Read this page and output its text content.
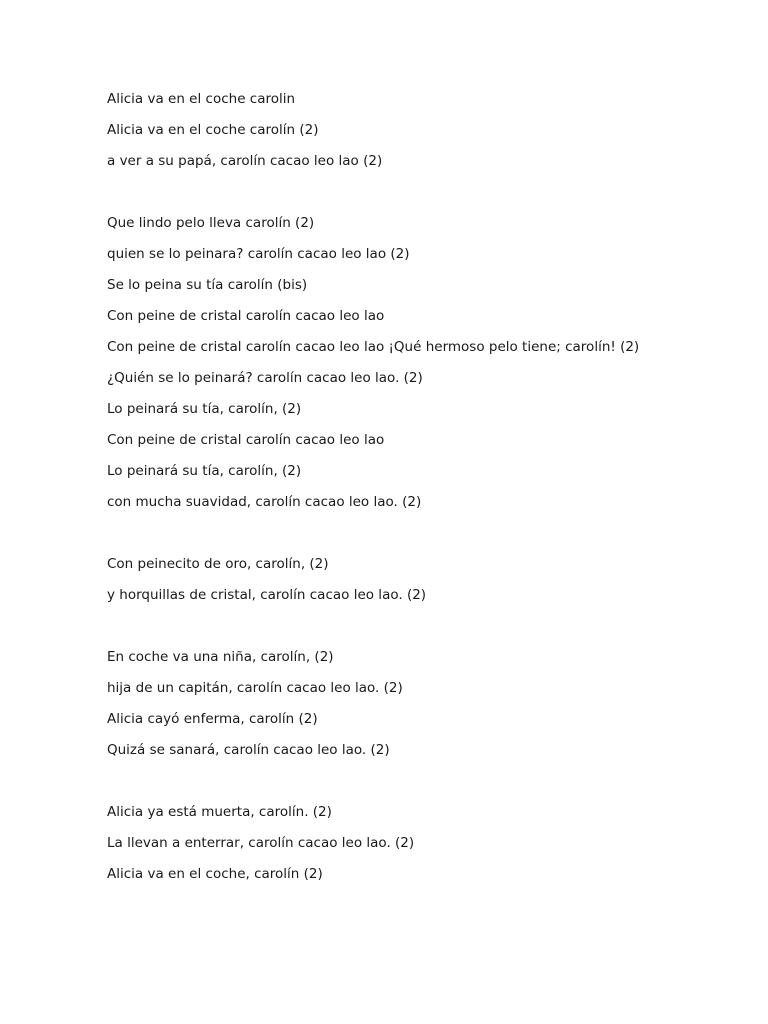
Alicia va en el coche carolin
Alicia va en el coche carolín (2)
a ver a su papá, carolín cacao leo lao (2)
Que lindo pelo lleva carolín (2)
quien se lo peinara? carolín cacao leo lao (2)
Se lo peina su tía carolín (bis)
Con peine de cristal carolín cacao leo lao
Con peine de cristal carolín cacao leo lao ¡Qué hermoso pelo tiene; carolín! (2)
¿Quién se lo peinará? carolín cacao leo lao. (2)
Lo peinará su tía, carolín, (2)
Con peine de cristal carolín cacao leo lao
Lo peinará su tía, carolín, (2)
con mucha suavidad, carolín cacao leo lao. (2)
Con peinecito de oro, carolín, (2)
y horquillas de cristal, carolín cacao leo lao. (2)
En coche va una niña, carolín, (2)
hija de un capitán, carolín cacao leo lao. (2)
Alicia cayó enferma, carolín (2)
Quizá se sanará, carolín cacao leo lao. (2)
Alicia ya está muerta, carolín. (2)
La llevan a enterrar, carolín cacao leo lao. (2)
Alicia va en el coche, carolín (2)
